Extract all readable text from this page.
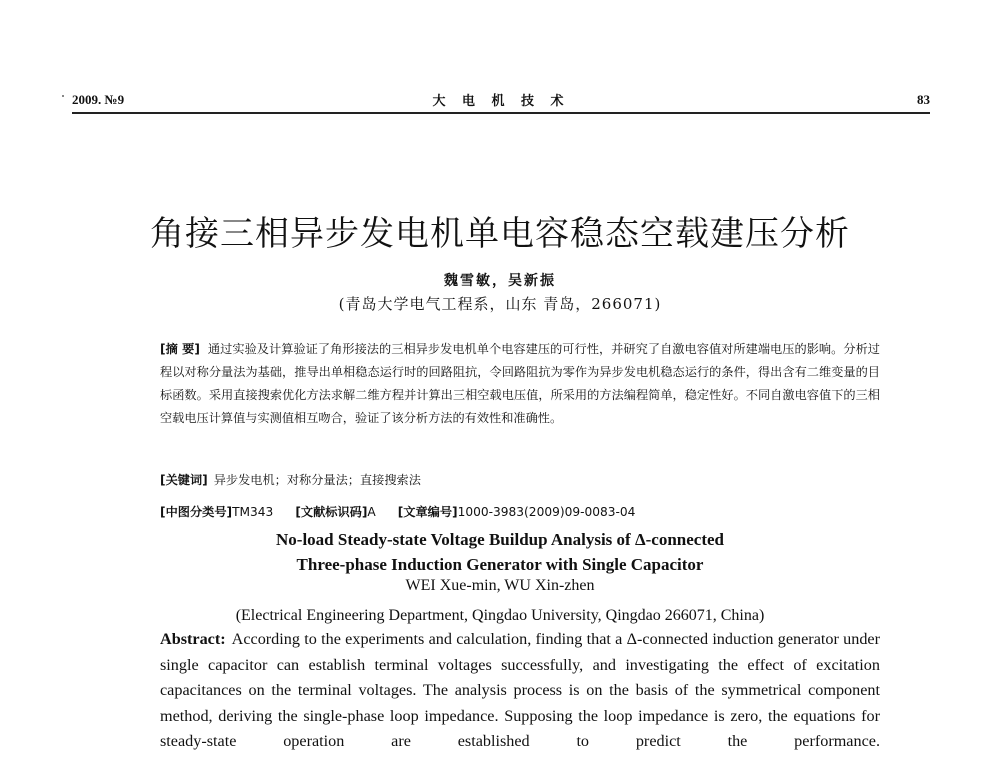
2009. №9	大 电 机 技 术	83
角接三相异步发电机单电容稳态空载建压分析
魏雪敏，吴新振
(青岛大学电气工程系，山东 青岛，266071)
[摘 要] 通过实验及计算验证了角形接法的三相异步发电机单个电容建压的可行性，并研究了自激电容值对所建端电压的影响。分析过程以对称分量法为基础，推导出单相稳态运行时的回路阻抗，令回路阻抗为零作为异步发电机稳态运行的条件，得出含有二维变量的目标函数。采用直接搜索优化方法求解二维方程并计算出三相空载电压值，所采用的方法编程简单，稳定性好。不同自激电容值下的三相空载电压计算值与实测值相互吻合，验证了该分析方法的有效性和准确性。
[关键词] 异步发电机；对称分量法；直接搜索法
[中图分类号]TM343 [文献标识码]A [文章编号]1000-3983(2009)09-0083-04
No-load Steady-state Voltage Buildup Analysis of Δ-connected
Three-phase Induction Generator with Single Capacitor
WEI Xue-min, WU Xin-zhen
(Electrical Engineering Department, Qingdao University, Qingdao 266071, China)
Abstract: According to the experiments and calculation, finding that a Δ-connected induction generator under single capacitor can establish terminal voltages successfully, and investigating the effect of excitation capacitances on the terminal voltages. The analysis process is on the basis of the symmetrical component method, deriving the single-phase loop impedance. Supposing the loop impedance is zero, the equations for steady-state operation are established to predict the performance.
